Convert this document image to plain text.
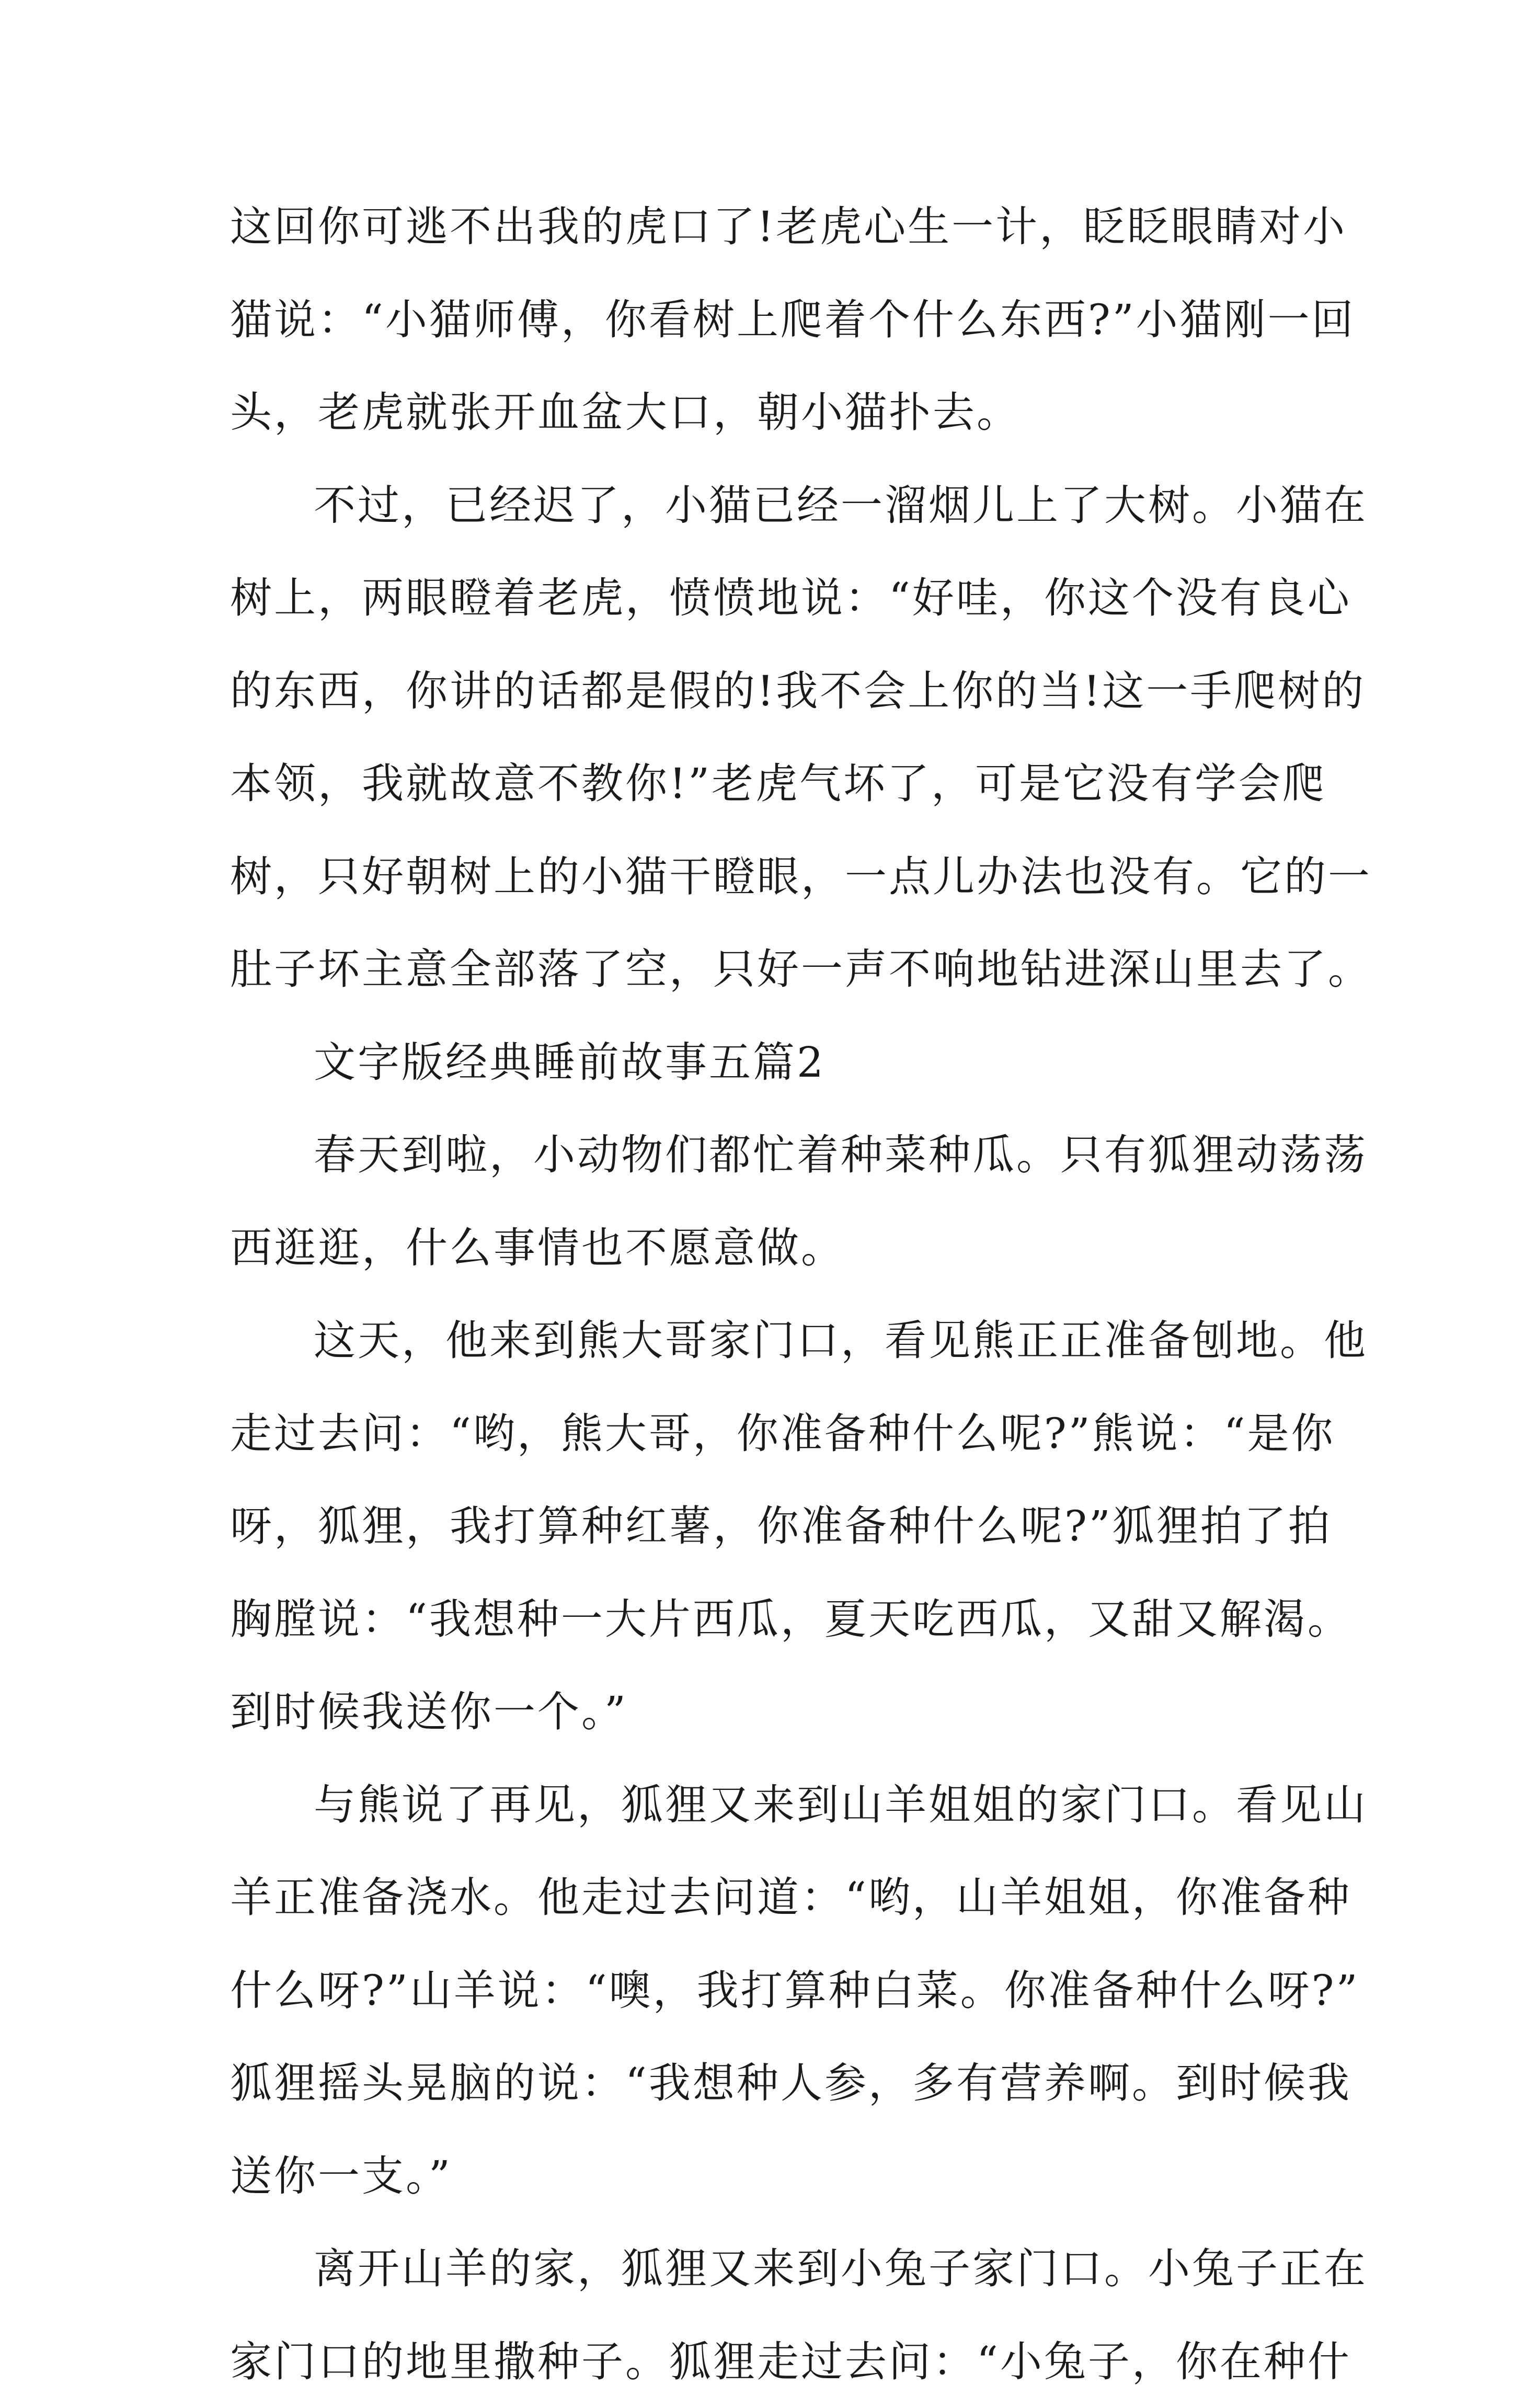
这回你可逃不出我的虎口了!老虎心生一计，眨眨眼睛对小
猫说：“小猫师傅，你看树上爬着个什么东西?”小猫刚一回
头，老虎就张开血盆大口，朝小猫扑去。
不过，已经迟了，小猫已经一溜烟儿上了大树。小猫在
树上，两眼瞪着老虎，愤愤地说：“好哇，你这个没有良心
的东西，你讲的话都是假的!我不会上你的当!这一手爬树的
本领，我就故意不教你!”老虎气坏了，可是它没有学会爬
树，只好朝树上的小猫干瞪眼，一点儿办法也没有。它的一
肚子坏主意全部落了空，只好一声不响地钻进深山里去了。
文字版经典睡前故事五篇2
春天到啦，小动物们都忙着种菜种瓜。只有狐狸动荡荡
西逛逛，什么事情也不愿意做。
这天，他来到熊大哥家门口，看见熊正正准备刨地。他
走过去问：“哟，熊大哥，你准备种什么呢?”熊说：“是你
呀，狐狸，我打算种红薯，你准备种什么呢?”狐狸拍了拍
胸膛说：“我想种一大片西瓜，夏天吃西瓜，又甜又解渴。
到时候我送你一个。”
与熊说了再见，狐狸又来到山羊姐姐的家门口。看见山
羊正准备浇水。他走过去问道：“哟，山羊姐姐，你准备种
什么呀?”山羊说：“噢，我打算种白菜。你准备种什么呀?”
狐狸摇头晃脑的说：“我想种人参，多有营养啊。到时候我
送你一支。”
离开山羊的家，狐狸又来到小兔子家门口。小兔子正在
家门口的地里撒种子。狐狸走过去问：“小兔子，你在种什
